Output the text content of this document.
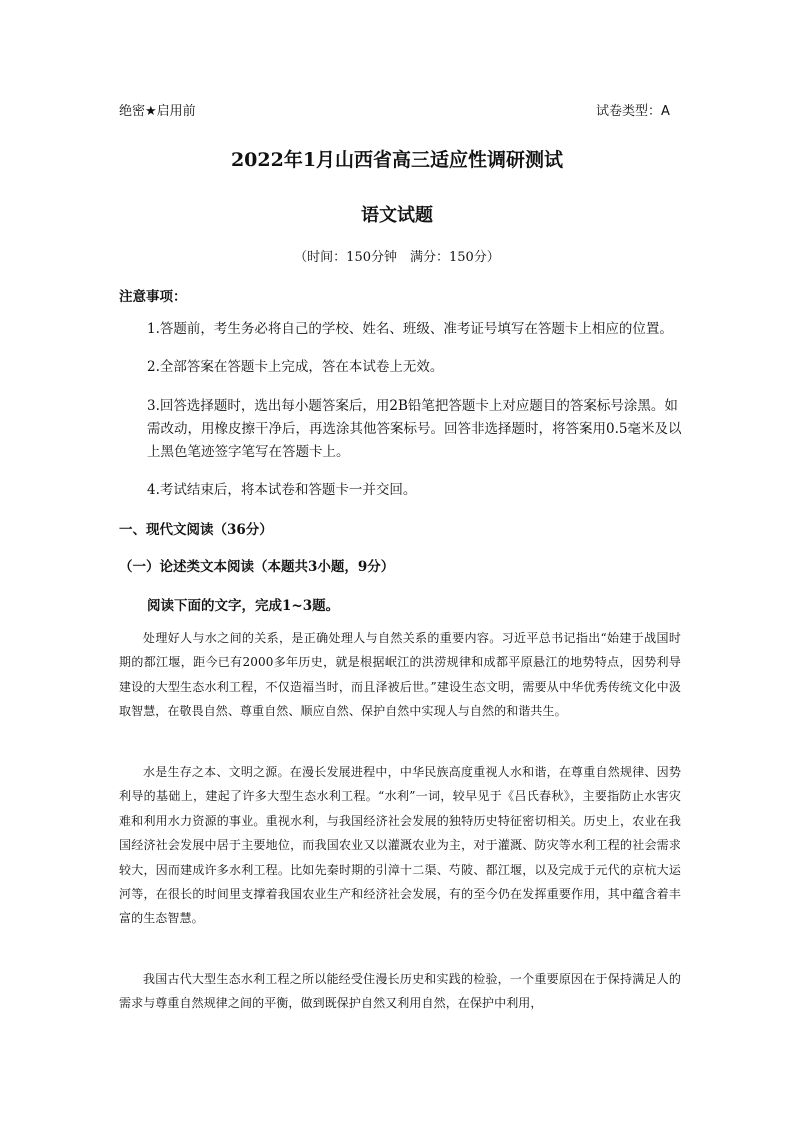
绝密★启用前	试卷类型：A
2022年1月山西省高三适应性调研测试
语文试题
（时间：150分钟　满分：150分）
注意事项：
1.答题前，考生务必将自己的学校、姓名、班级、准考证号填写在答题卡上相应的位置。
2.全部答案在答题卡上完成，答在本试卷上无效。
3.回答选择题时，选出每小题答案后，用2B铅笔把答题卡上对应题目的答案标号涂黑。如需改动，用橡皮擦干净后，再选涂其他答案标号。回答非选择题时，将答案用0.5毫米及以上黑色笔迹签字笔写在答题卡上。
4.考试结束后，将本试卷和答题卡一并交回。
一、现代文阅读（36分）
（一）论述类文本阅读（本题共3小题，9分）
阅读下面的文字，完成1~3题。
处理好人与水之间的关系，是正确处理人与自然关系的重要内容。习近平总书记指出“始建于战国时期的都江堰，距今已有2000多年历史，就是根据岷江的洪涝规律和成都平原悬江的地势特点，因势利导建设的大型生态水利工程，不仅造福当时，而且泽被后世。”建设生态文明，需要从中华优秀传统文化中汲取智慧，在敬畏自然、尊重自然、顺应自然、保护自然中实现人与自然的和谐共生。
水是生存之本、文明之源。在漫长发展进程中，中华民族高度重视人水和谐，在尊重自然规律、因势利导的基础上，建起了许多大型生态水利工程。“水利”一词，较早见于《吕氏春秋》，主要指防止水害灾难和利用水力资源的事业。重视水利，与我国经济社会发展的独特历史特征密切相关。历史上，农业在我国经济社会发展中居于主要地位，而我国农业又以灌溉农业为主，对于灌溉、防灾等水利工程的社会需求较大，因而建成许多水利工程。比如先秦时期的引漳十二渠、芍陂、都江堰，以及完成于元代的京杭大运河等，在很长的时间里支撑着我国农业生产和经济社会发展，有的至今仍在发挥重要作用，其中蕴含着丰富的生态智慧。
我国古代大型生态水利工程之所以能经受住漫长历史和实践的检验，一个重要原因在于保持满足人的需求与尊重自然规律之间的平衡，做到既保护自然又利用自然，在保护中利用，
